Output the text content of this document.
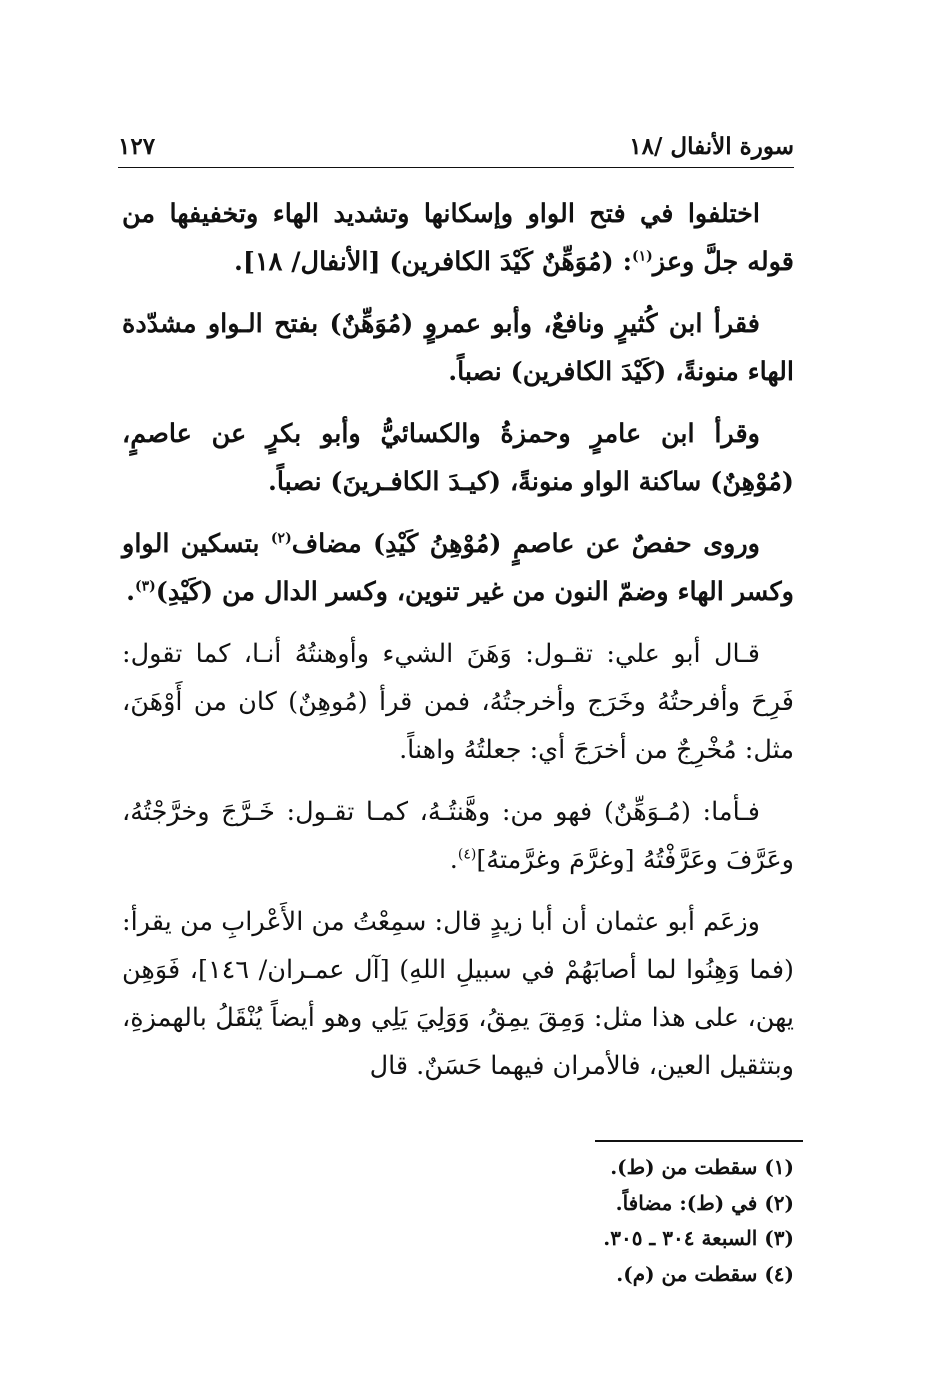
١٢٧	سورة الأنفال /١٨

اختلفوا في فتح الواو وإسكانها وتشديد الهاء وتخفيفها من قوله جلَّ وعز$^{(١)}$: (مُوَهِّنٌ كَيْدَ الكافرين) [الأنفال/ ١٨].

فقرأ ابن كُثيرٍ ونافعٌ، وأبو عمروٍ (مُوَهِّنٌ) بفتح الـواو مشدّدة الهاء منونةً، (كَيْدَ الكافرين) نصباً.

وقرأ ابن عامرٍ وحمزةُ والكسائيُّ وأبو بكرٍ عن عاصمٍ، (مُوْهِنٌ) ساكنة الواو منونةً، (كيـدَ الكافـرينَ) نصباً.

وروى حفصٌ عن عاصمٍ (مُوْهِنُ كَيْدِ) مضاف$^{(٢)}$ بتسكين الواو وكسر الهاء وضمّ النون من غير تنوين، وكسر الدال من (كَيْدِ)$^{(٣)}$.

قـال أبو علي: تقـول: وَهَنَ الشيء وأوهنتُهُ أنـا، كما تقول: فَرِحَ وأفرحتُهُ وخَرَج وأخرجتُهُ، فمن قرأ (مُوهِنٌ) كان من أَوْهَنَ، مثل: مُخْرِجٌ من أخرَجَ أي: جعلتُهُ واهناً.

فـأما: (مُـوَهِّنٌ) فهو من: وهَّنتُـهُ، كمـا تقـول: خَـرَّجَ وخرَّجْتُهُ، وعَرَّفَ وعَرَّفْتُهُ [وغرَّمَ وغرَّمتهُ]$^{(٤)}$.

وزعَم أبو عثمان أن أبا زيدٍ قال: سمِعْتُ من الأَعْرابِ من يقرأ: (فما وَهِنُوا لما أصابَهُمْ في سبيلِ اللهِ) [آل عمـران/ ١٤٦]، فَوَهِن يهن، على هذا مثل: وَمِقَ يمِقُ، وَوَلِيَ يَلِي وهو أيضاً يُنْقَلُ بالهمزةِ، وبتثقيل العين، فالأمران فيهما حَسَنٌ. قال

(١) سقطت من (ط).

(٢) في (ط): مضافاً.

(٣) السبعة ٣٠٤ ـ ٣٠٥.

(٤) سقطت من (م).
